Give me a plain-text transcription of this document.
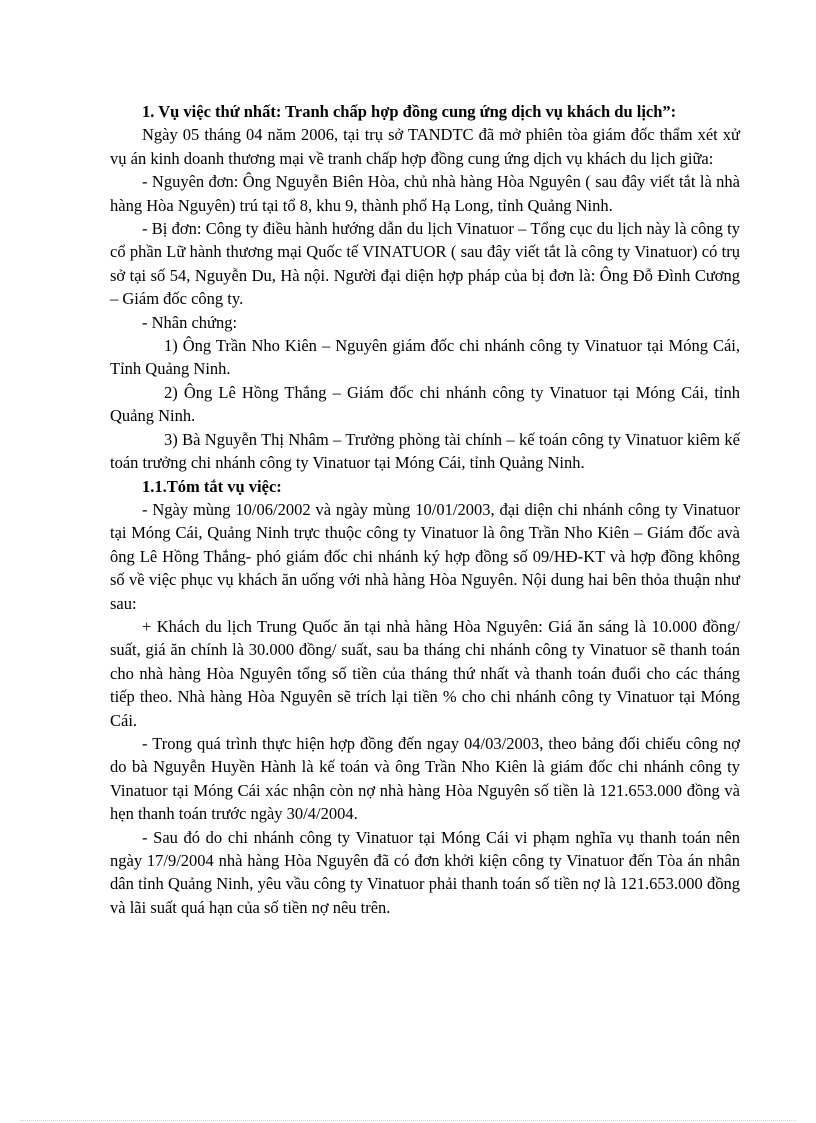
1. Vụ việc thứ nhất: Tranh chấp hợp đồng cung ứng dịch vụ khách du lịch”:

Ngày 05 tháng 04 năm 2006, tại trụ sở TANDTC đã mở phiên tòa giám đốc thẩm xét xử vụ án kinh doanh thương mại về tranh chấp hợp đồng cung ứng dịch vụ khách du lịch giữa:

- Nguyên đơn: Ông Nguyễn Biên Hòa, chủ nhà hàng Hòa Nguyên ( sau đây viết tắt là nhà hàng Hòa Nguyên) trú tại tổ 8, khu 9, thành phố Hạ Long, tỉnh Quảng Ninh.

- Bị đơn: Công ty điều hành hướng dẫn du lịch Vinatuor – Tổng cục du lịch này là công ty cổ phần Lữ hành thương mại Quốc tế VINATUOR ( sau đây viết tắt là công ty Vinatuor) có trụ sở tại số 54, Nguyễn Du, Hà nội. Người đại diện hợp pháp của bị đơn là: Ông Đỗ Đình Cương – Giám đốc công ty.

- Nhân chứng:

1) Ông Trần Nho Kiên – Nguyên giám đốc chi nhánh công ty Vinatuor tại Móng Cái, Tỉnh Quảng Ninh.

2) Ông Lê Hồng Thắng – Giám đốc chi nhánh công ty Vinatuor tại Móng Cái, tỉnh Quảng Ninh.

3) Bà Nguyễn Thị Nhâm – Trưởng phòng tài chính – kế toán công ty Vinatuor kiêm kế toán trưởng chi nhánh công ty Vinatuor tại Móng Cái, tỉnh Quảng Ninh.

1.1.Tóm tắt vụ việc:

- Ngày mùng 10/06/2002 và ngày mùng 10/01/2003, đại diện chi nhánh công ty Vinatuor tại Móng Cái, Quảng Ninh trực thuộc công ty Vinatuor là ông Trần Nho Kiên – Giám đốc avà ông Lê Hồng Thắng- phó giám đốc chi nhánh ký hợp đồng số 09/HĐ-KT và hợp đồng không số về việc phục vụ khách ăn uống với nhà hàng Hòa Nguyên. Nội dung hai bên thỏa thuận như sau:

+ Khách du lịch Trung Quốc ăn tại nhà hàng Hòa Nguyên: Giá ăn sáng là 10.000 đồng/ suất, giá ăn chính là 30.000 đồng/ suất, sau ba tháng chi nhánh công ty Vinatuor sẽ thanh toán cho nhà hàng Hòa Nguyên tổng số tiền của tháng thứ nhất và thanh toán đuổi cho các tháng tiếp theo. Nhà hàng Hòa Nguyên sẽ trích lại tiền % cho chi nhánh công ty Vinatuor tại Móng Cái.

- Trong quá trình thực hiện hợp đồng đến ngay 04/03/2003, theo bảng đối chiếu công nợ do bà Nguyễn Huyền Hành là kế toán và ông Trần Nho Kiên là giám đốc chi nhánh công ty Vinatuor tại Móng Cái xác nhận còn nợ nhà hàng Hòa Nguyên số tiền là 121.653.000 đồng và hẹn thanh toán trước ngày 30/4/2004.

- Sau đó do chi nhánh công ty Vinatuor tại Móng Cái vi phạm nghĩa vụ thanh toán nên ngày 17/9/2004 nhà hàng Hòa Nguyên đã có đơn khởi kiện công ty Vinatuor đến Tòa án nhân dân tỉnh Quảng Ninh, yêu vầu công ty Vinatuor phải thanh toán số tiền nợ là 121.653.000 đồng và lãi suất quá hạn của số tiền nợ nêu trên.
